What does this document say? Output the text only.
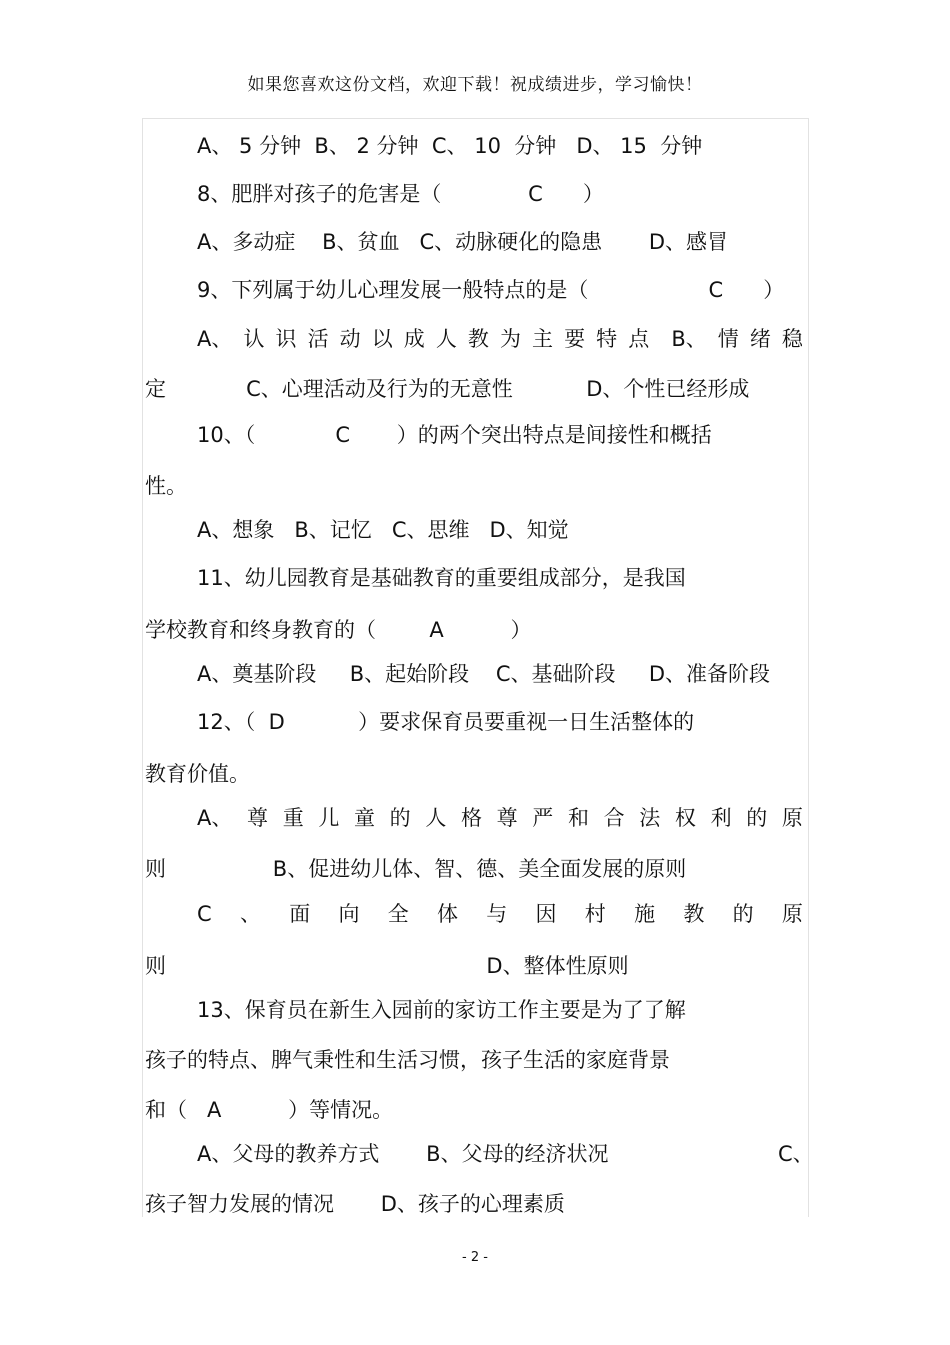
如果您喜欢这份文档，欢迎下载！祝成绩进步，学习愉快！
A、 5 分钟  B、 2 分钟  C、 10  分钟   D、 15  分钟
8、肥胖对孩子的危害是（             C      ）
A、多动症    B、贫血   C、动脉硬化的隐患       D、感冒
9、下列属于幼儿心理发展一般特点的是（                  C      ）
A、 认 识 活 动 以 成 人 教 为 主 要 特 点 B、 情 绪 稳
定            C、心理活动及行为的无意性           D、个性已经形成
10、（            C       ）的两个突出特点是间接性和概括
性。
A、想象   B、记忆   C、思维   D、知觉
11、幼儿园教育是基础教育的重要组成部分，是我国
学校教育和终身教育的（        A          ）
A、奠基阶段     B、起始阶段    C、基础阶段     D、准备阶段
12、（  D           ）要求保育员要重视一日生活整体的
教育价值。
A、 尊 重 儿 童 的 人 格 尊 严 和 合 法 权 利 的 原
则                B、促进幼儿体、智、德、美全面发展的原则
C 、 面 向 全 体 与 因 村 施 教 的 原
则                                                D、整体性原则
13、保育员在新生入园前的家访工作主要是为了了解
孩子的特点、脾气秉性和生活习惯，孩子生活的家庭背景
和（   A          ）等情况。
A、父母的教养方式       B、父母的经济状况	C、
孩子智力发展的情况       D、孩子的心理素质
- 2 -
